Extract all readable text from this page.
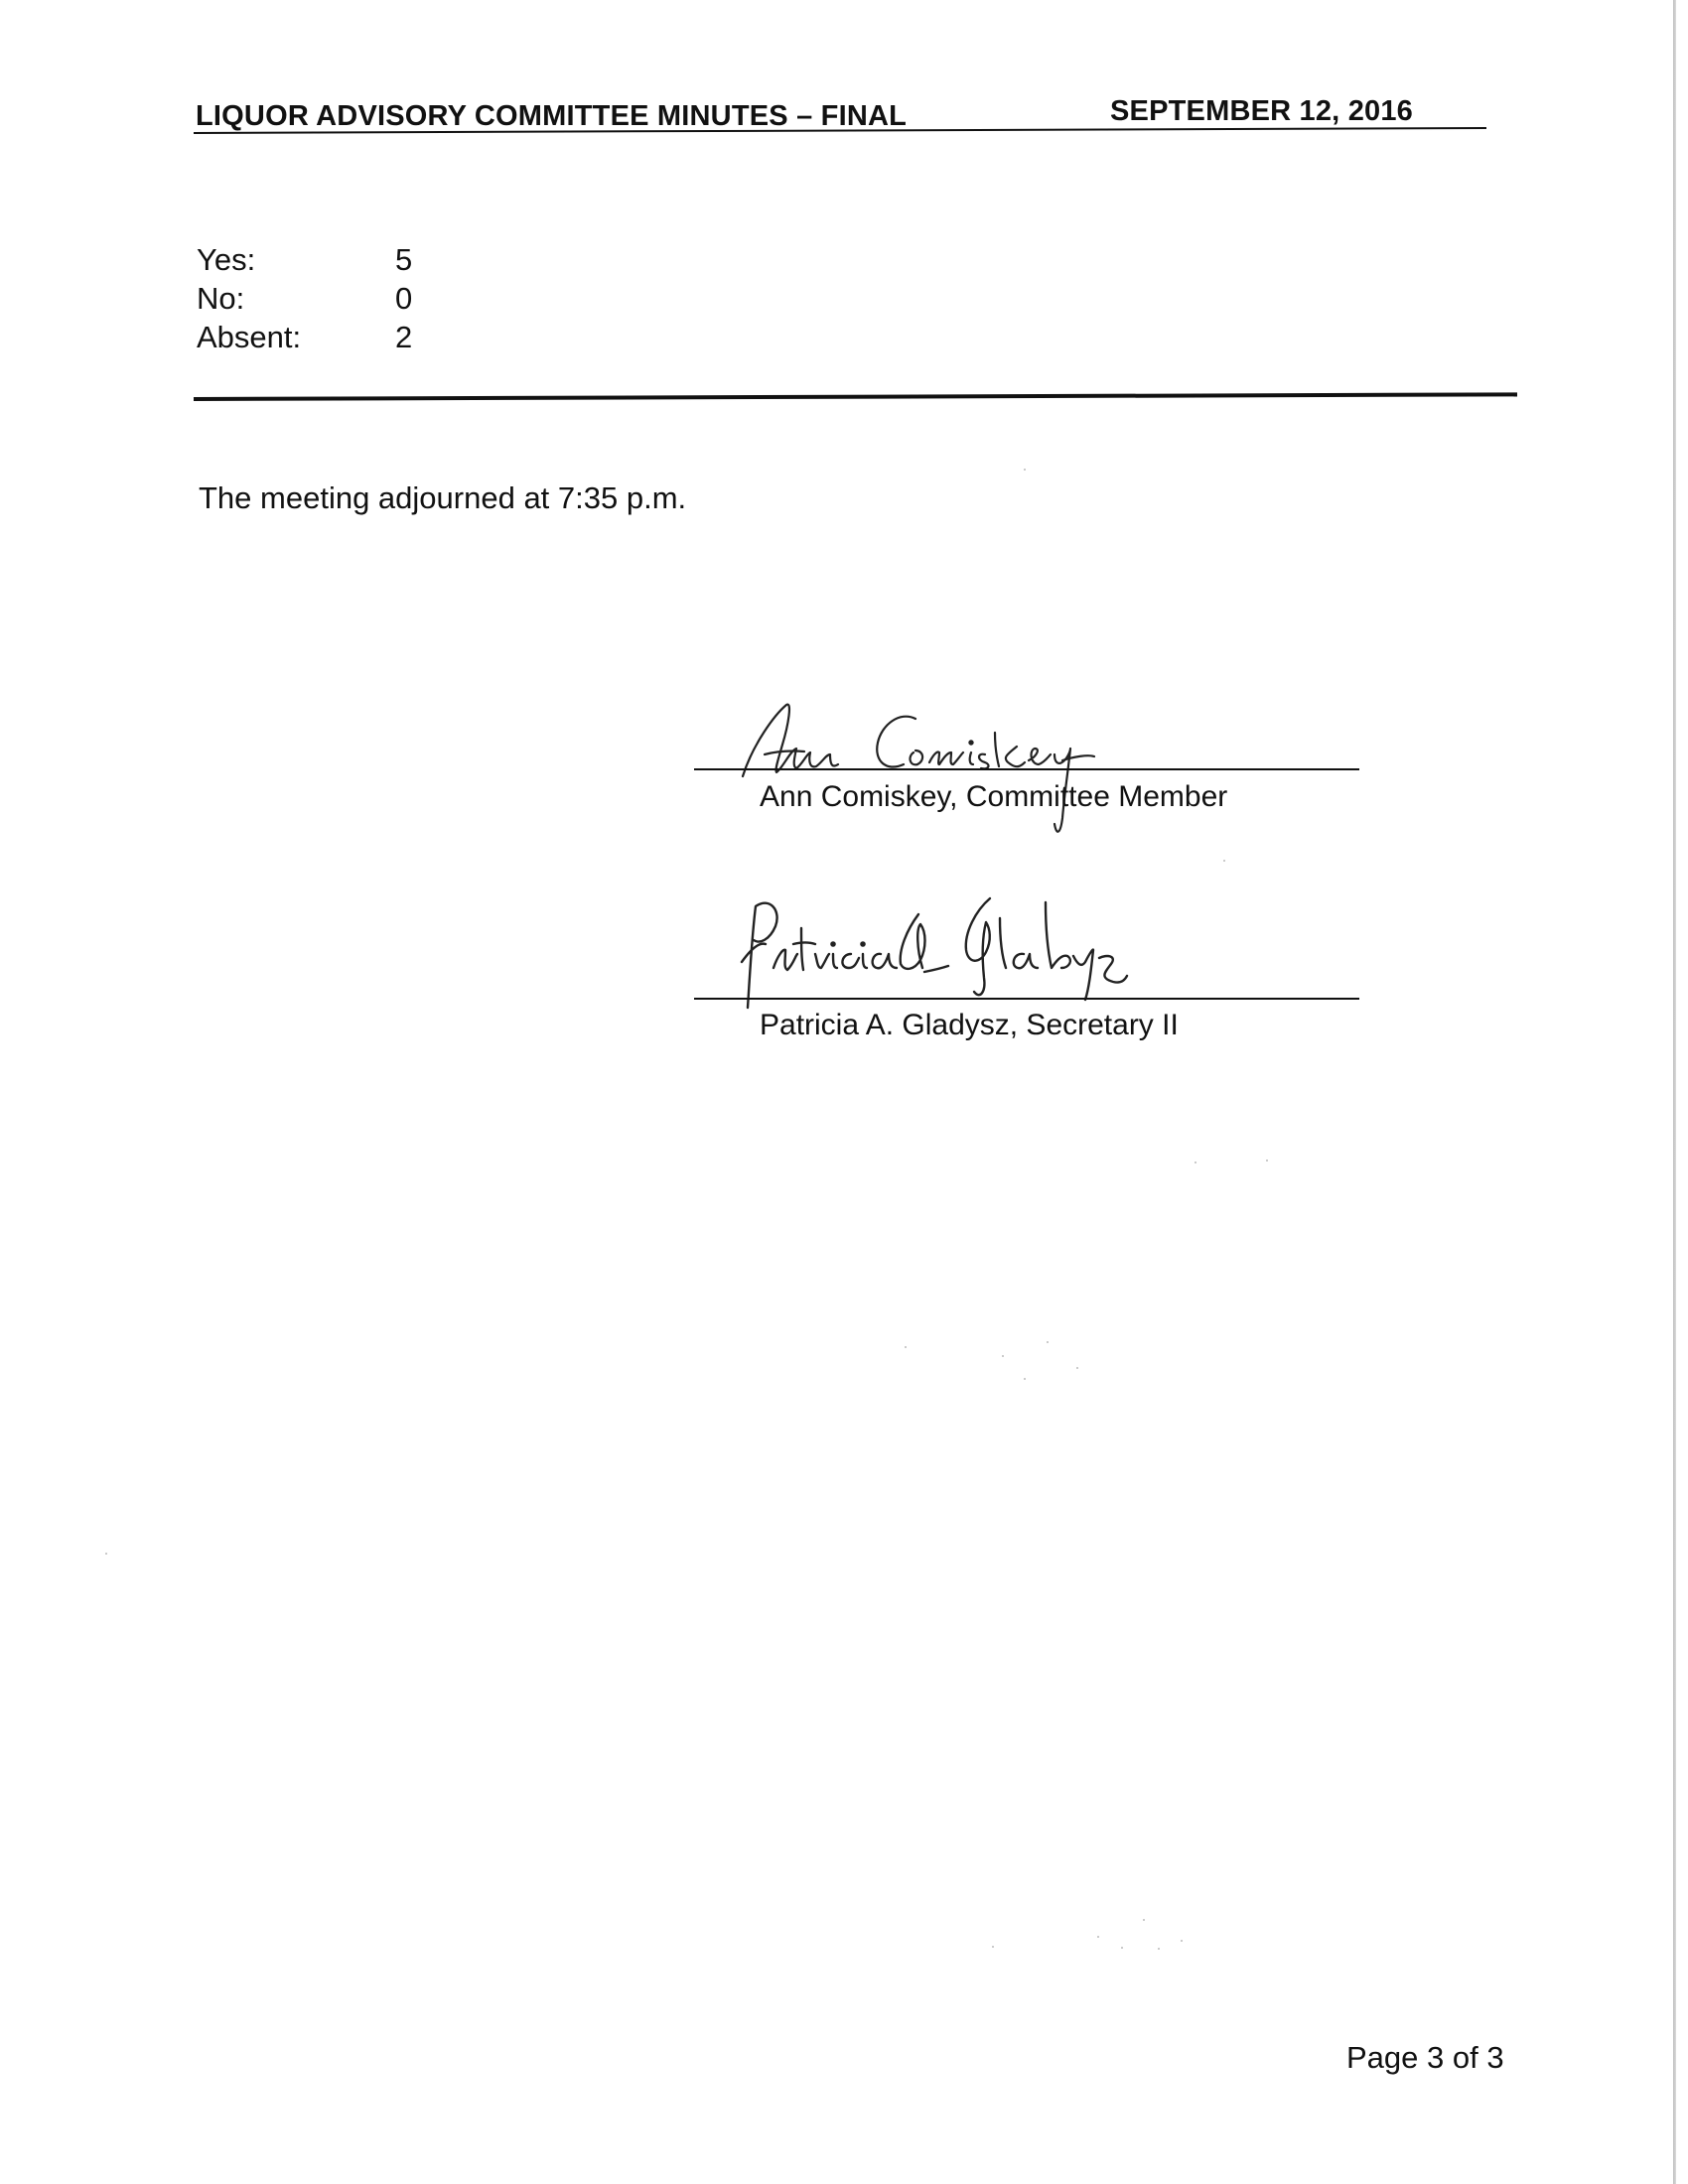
LIQUOR ADVISORY COMMITTEE MINUTES – FINAL	SEPTEMBER 12, 2016
Yes:	5
No:	0
Absent:	2
The meeting adjourned at 7:35 p.m.
Ann Comiskey, Committee Member
Patricia A. Gladysz, Secretary II
Page 3 of 3
